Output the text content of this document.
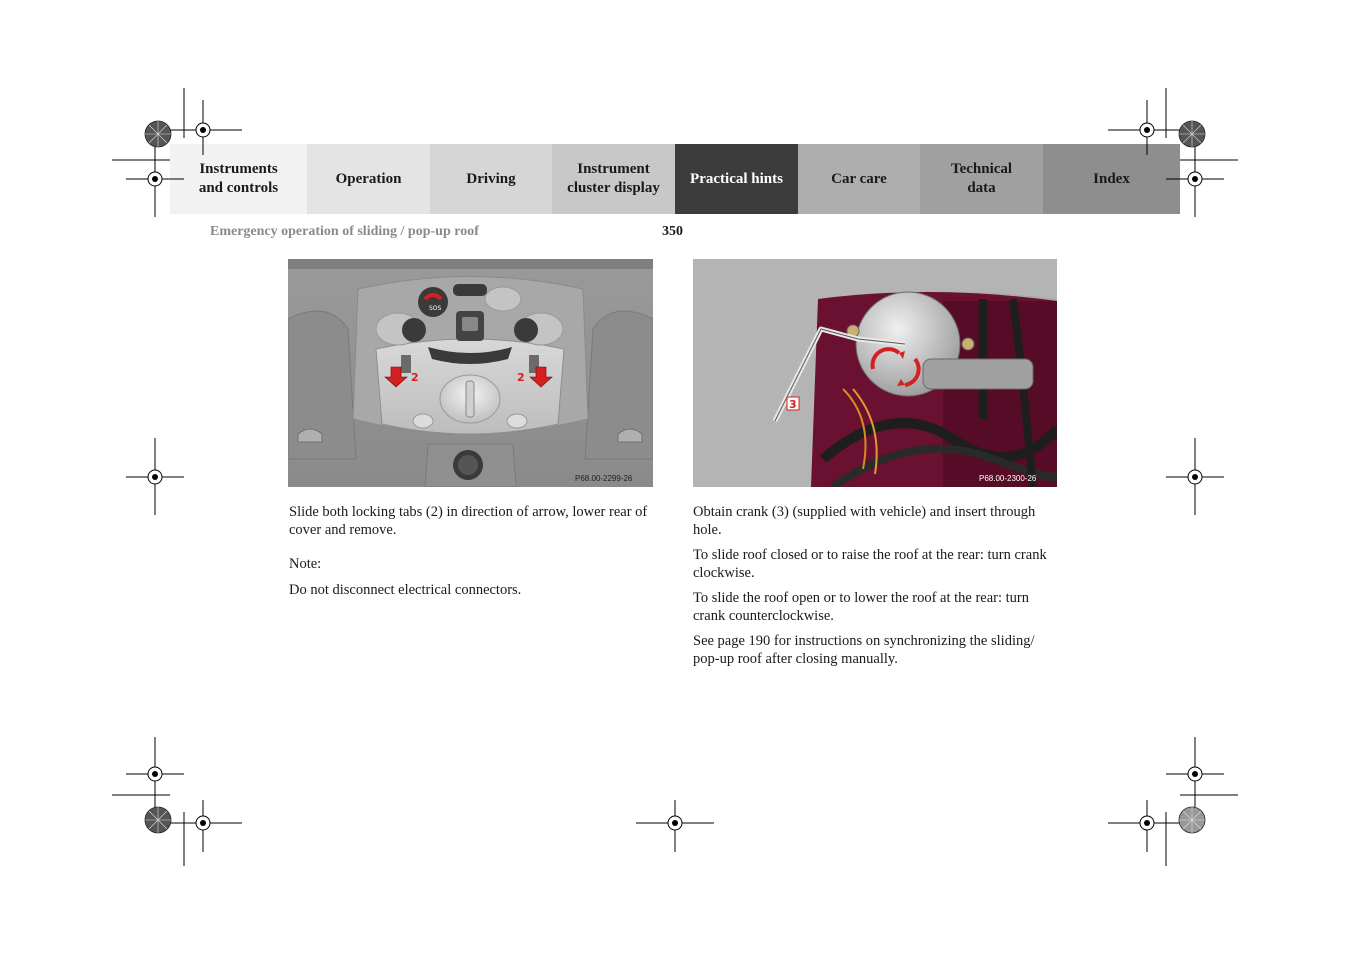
Instruments
and controls
Operation	Driving
Instrument
cluster display
Practical hints	Car care
Technical
data
Index
Emergency operation of sliding / pop-up roof	350
SOS
2	2
P68.00-2299-26
3
P68.00-2300-26

Slide both locking tabs (2) in direction of arrow, lower rear of cover and remove.

Note:

Do not disconnect electrical connectors.

Obtain crank (3) (supplied with vehicle) and insert through hole.

To slide roof closed or to raise the roof at the rear: turn crank clockwise.

To slide the roof open or to lower the roof at the rear: turn crank counterclockwise.

See page 190 for instructions on synchronizing the sliding/ pop-up roof after closing manually.
